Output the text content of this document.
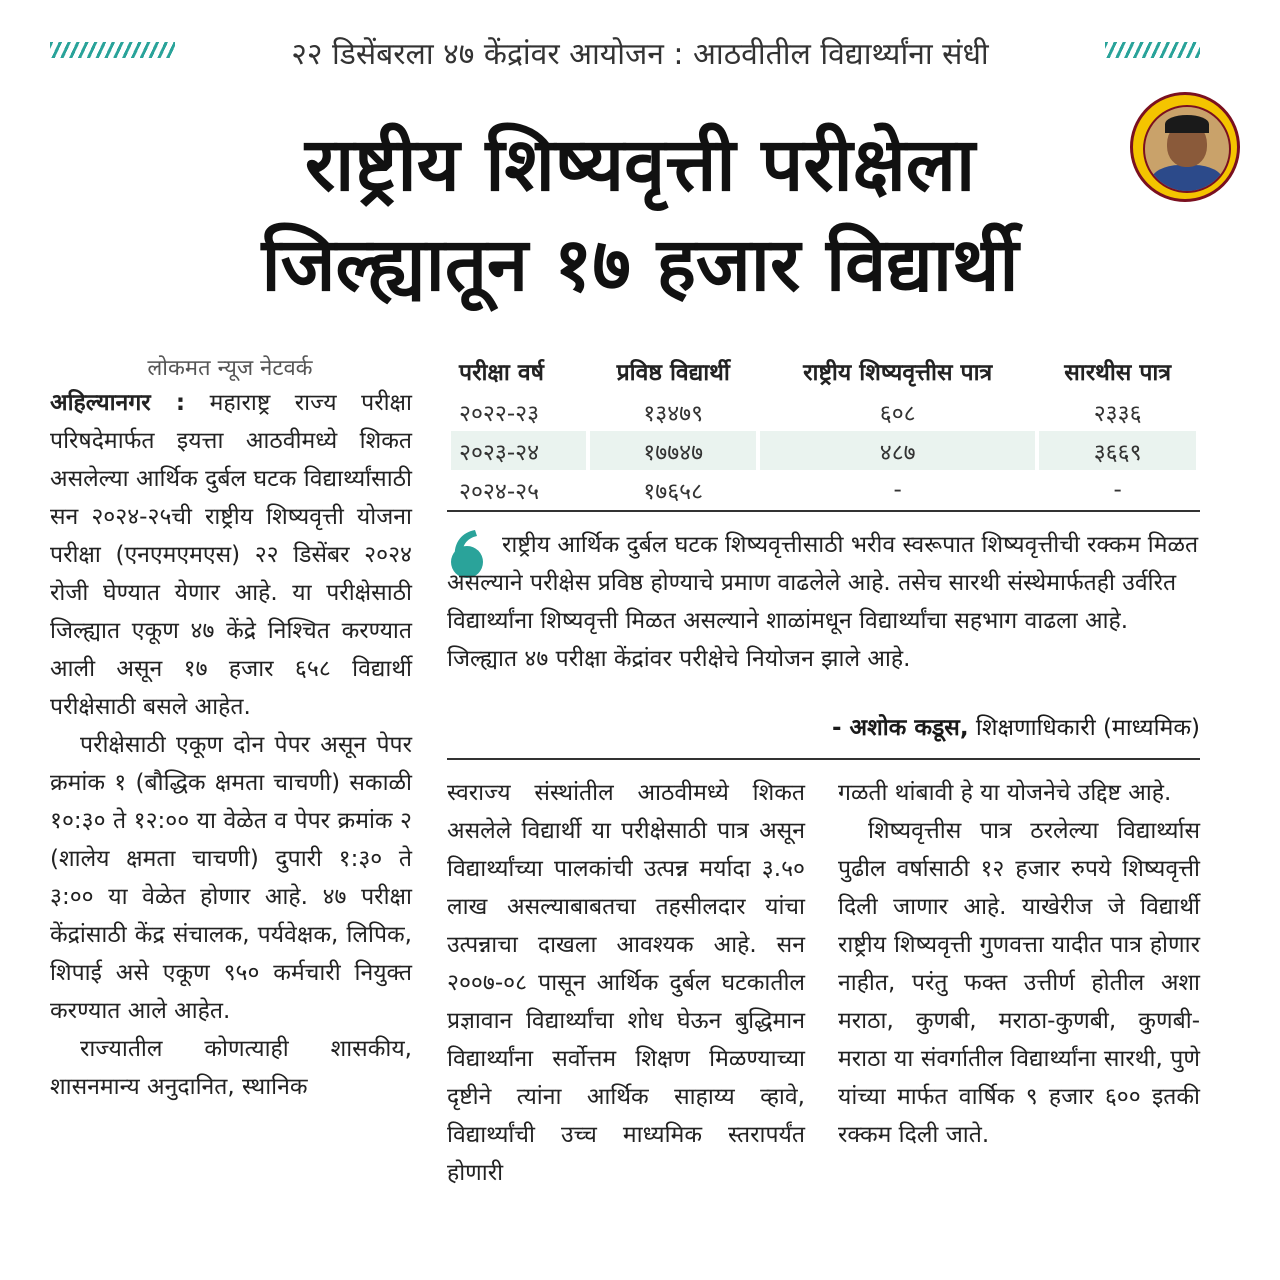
२२ डिसेंबरला ४७ केंद्रांवर आयोजन : आठवीतील विद्यार्थ्यांना संधी
राष्ट्रीय शिष्यवृत्ती परीक्षेला
जिल्ह्यातून १७ हजार विद्यार्थी
लोकमत न्यूज नेटवर्क

अहिल्यानगर : महाराष्ट्र राज्य परीक्षा परिषदेमार्फत इयत्ता आठवीमध्ये शिकत असलेल्या आर्थिक दुर्बल घटक विद्यार्थ्यांसाठी सन २०२४-२५ची राष्ट्रीय शिष्यवृत्ती योजना परीक्षा (एनएमएमएस) २२ डिसेंबर २०२४ रोजी घेण्यात येणार आहे. या परीक्षेसाठी जिल्ह्यात एकूण ४७ केंद्रे निश्चित करण्यात आली असून १७ हजार ६५८ विद्यार्थी परीक्षेसाठी बसले आहेत.

परीक्षेसाठी एकूण दोन पेपर असून पेपर क्रमांक १ (बौद्धिक क्षमता चाचणी) सकाळी १०:३० ते १२:०० या वेळेत व पेपर क्रमांक २ (शालेय क्षमता चाचणी) दुपारी १:३० ते ३:०० या वेळेत होणार आहे. ४७ परीक्षा केंद्रांसाठी केंद्र संचालक, पर्यवेक्षक, लिपिक, शिपाई असे एकूण ९५० कर्मचारी नियुक्त करण्यात आले आहेत.

राज्यातील कोणत्याही शासकीय, शासनमान्य अनुदानित, स्थानिक

परीक्षा वर्ष	प्रविष्ठ विद्यार्थी	राष्ट्रीय शिष्यवृत्तीस पात्र	सारथीस पात्र
२०२२-२३	१३४७९	६०८	२३३६
२०२३-२४	१७७४७	४८७	३६६९
२०२४-२५	१७६५८	-	-
राष्ट्रीय आर्थिक दुर्बल घटक शिष्यवृत्तीसाठी भरीव स्वरूपात शिष्यवृत्तीची रक्कम मिळत असल्याने परीक्षेस प्रविष्ठ होण्याचे प्रमाण वाढलेले आहे. तसेच सारथी संस्थेमार्फतही उर्वरित विद्यार्थ्यांना शिष्यवृत्ती मिळत असल्याने शाळांमधून विद्यार्थ्यांचा सहभाग वाढला आहे. जिल्ह्यात ४७ परीक्षा केंद्रांवर परीक्षेचे नियोजन झाले आहे.
- अशोक कडूस, शिक्षणाधिकारी (माध्यमिक)

स्वराज्य संस्थांतील आठवीमध्ये शिकत असलेले विद्यार्थी या परीक्षेसाठी पात्र असून विद्यार्थ्यांच्या पालकांची उत्पन्न मर्यादा ३.५० लाख असल्याबाबतचा तहसीलदार यांचा उत्पन्नाचा दाखला आवश्यक आहे. सन २००७-०८ पासून आर्थिक दुर्बल घटकातील प्रज्ञावान विद्यार्थ्यांचा शोध घेऊन बुद्धिमान विद्यार्थ्यांना सर्वोत्तम शिक्षण मिळण्याच्या दृष्टीने त्यांना आर्थिक साहाय्य व्हावे, विद्यार्थ्यांची उच्च माध्यमिक स्तरापर्यंत होणारी

गळती थांबावी हे या योजनेचे उद्दिष्ट आहे.

शिष्यवृत्तीस पात्र ठरलेल्या विद्यार्थ्यास पुढील वर्षासाठी १२ हजार रुपये शिष्यवृत्ती दिली जाणार आहे. याखेरीज जे विद्यार्थी राष्ट्रीय शिष्यवृत्ती गुणवत्ता यादीत पात्र होणार नाहीत, परंतु फक्त उत्तीर्ण होतील अशा मराठा, कुणबी, मराठा-कुणबी, कुणबी-मराठा या संवर्गातील विद्यार्थ्यांना सारथी, पुणे यांच्या मार्फत वार्षिक ९ हजार ६०० इतकी रक्कम दिली जाते.
